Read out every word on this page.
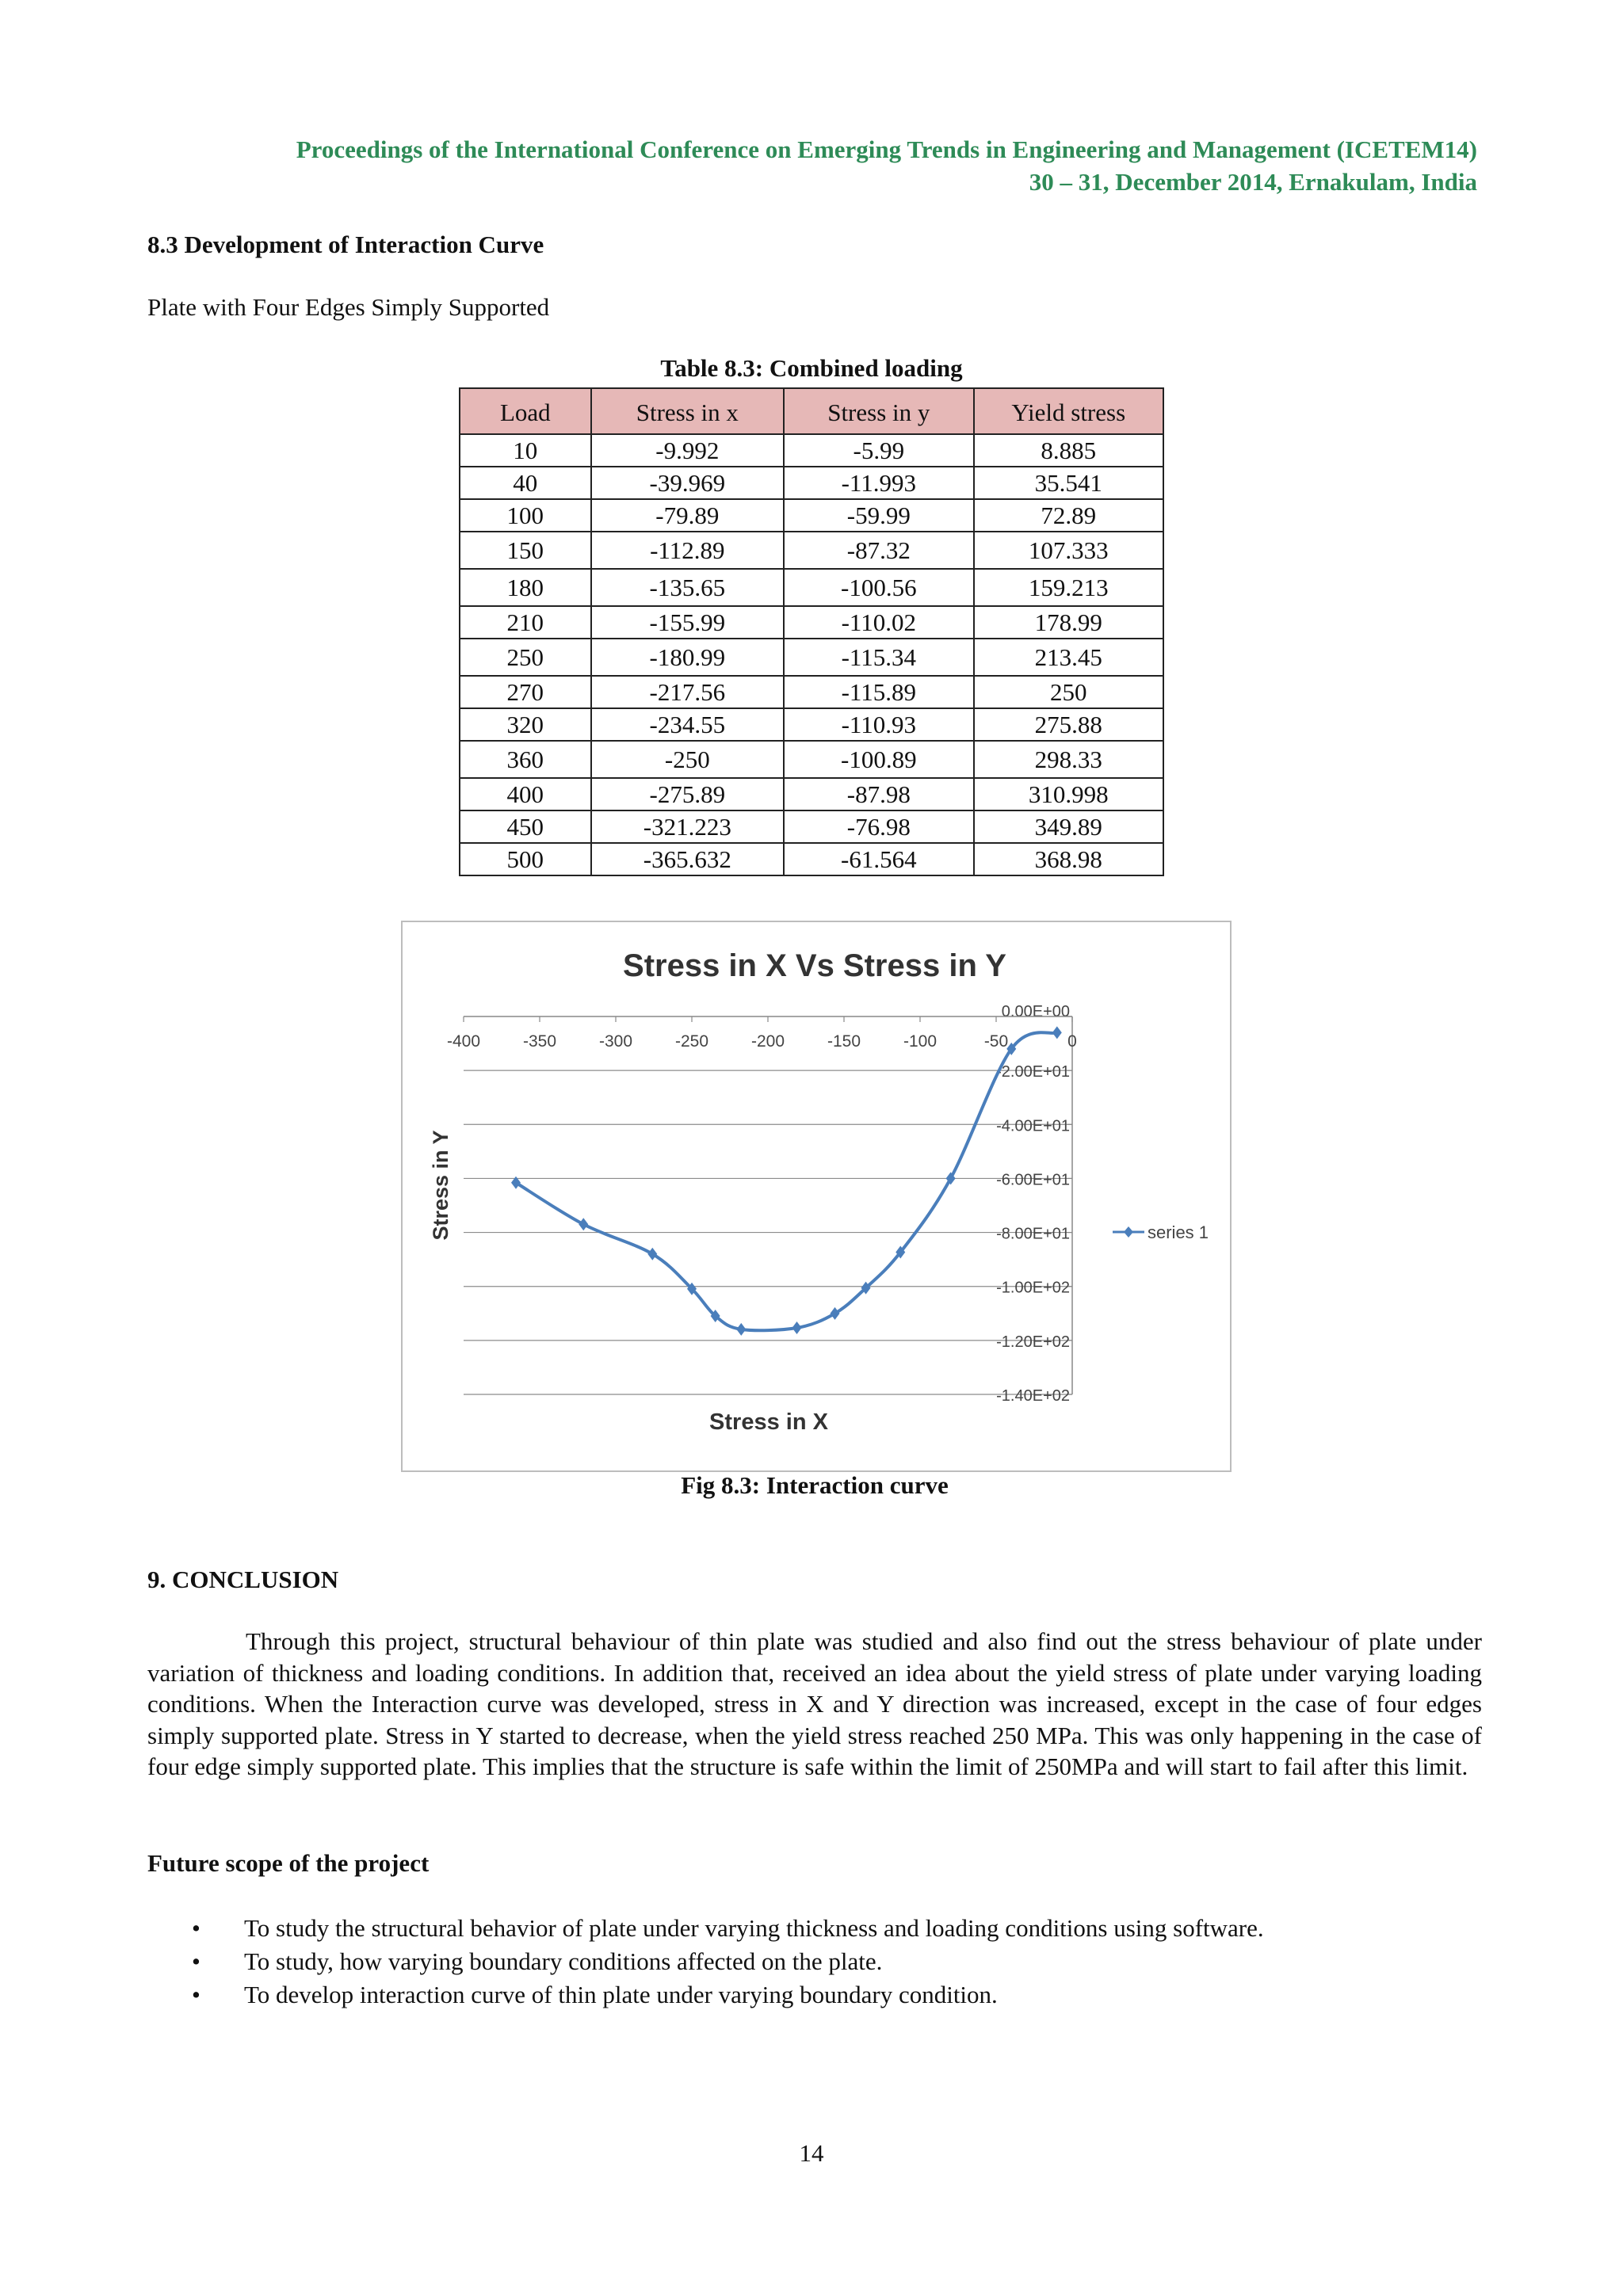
Proceedings of the International Conference on Emerging Trends in Engineering and Management (ICETEM14)
30 – 31, December 2014, Ernakulam, India
8.3 Development of Interaction Curve
Plate with Four Edges Simply Supported
Table 8.3: Combined loading
Load	Stress in x	Stress in y	Yield stress
10	-9.992	-5.99	8.885
40	-39.969	-11.993	35.541
100	-79.89	-59.99	72.89
150	-112.89	-87.32	107.333
180	-135.65	-100.56	159.213
210	-155.99	-110.02	178.99
250	-180.99	-115.34	213.45
270	-217.56	-115.89	250
320	-234.55	-110.93	275.88
360	-250	-100.89	298.33
400	-275.89	-87.98	310.998
450	-321.223	-76.98	349.89
500	-365.632	-61.564	368.98
Stress in X Vs Stress in Y
0.00E+00
-2.00E+01
-4.00E+01
-6.00E+01
-8.00E+01
-1.00E+02
-1.20E+02
-1.40E+02
-400	-350	-300	-250	-200	-150	-100	-50	0
Stress in X
Stress in Y	series 1
Fig 8.3: Interaction curve
9. CONCLUSION
Through this project, structural behaviour of thin plate was studied and also find out the stress behaviour of plate under variation of thickness and loading conditions. In addition that, received an idea about the yield stress of plate under varying loading conditions. When the Interaction curve was developed, stress in X and Y direction was increased, except in the case of four edges simply supported plate. Stress in Y started to decrease, when the yield stress reached 250 MPa. This was only happening in the case of four edge simply supported plate. This implies that the structure is safe within the limit of 250MPa and will start to fail after this limit.
Future scope of the project
• To study the structural behavior of plate under varying thickness and loading conditions using software.
• To study, how varying boundary conditions affected on the plate.
• To develop interaction curve of thin plate under varying boundary condition.
14
